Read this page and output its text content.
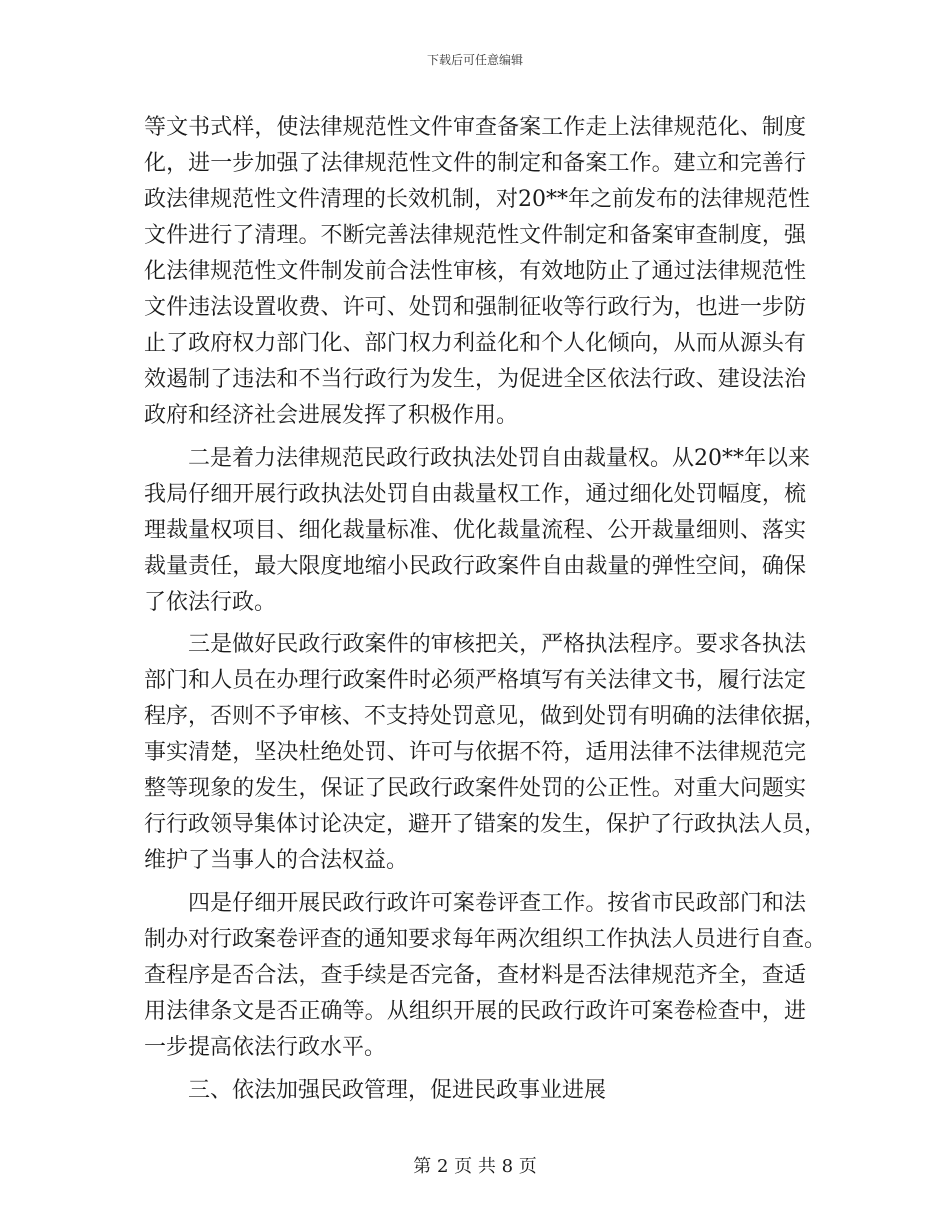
下载后可任意编辑

等文书式样，使法律规范性文件审查备案工作走上法律规范化、制度

化，进一步加强了法律规范性文件的制定和备案工作。建立和完善行

政法律规范性文件清理的长效机制，对20**年之前发布的法律规范性

文件进行了清理。不断完善法律规范性文件制定和备案审查制度，强

化法律规范性文件制发前合法性审核，有效地防止了通过法律规范性

文件违法设置收费、许可、处罚和强制征收等行政行为，也进一步防

止了政府权力部门化、部门权力利益化和个人化倾向，从而从源头有

效遏制了违法和不当行政行为发生，为促进全区依法行政、建设法治

政府和经济社会进展发挥了积极作用。

二是着力法律规范民政行政执法处罚自由裁量权。从20**年以来

我局仔细开展行政执法处罚自由裁量权工作，通过细化处罚幅度，梳

理裁量权项目、细化裁量标准、优化裁量流程、公开裁量细则、落实

裁量责任，最大限度地缩小民政行政案件自由裁量的弹性空间，确保

了依法行政。

三是做好民政行政案件的审核把关，严格执法程序。要求各执法

部门和人员在办理行政案件时必须严格填写有关法律文书，履行法定

程序，否则不予审核、不支持处罚意见，做到处罚有明确的法律依据，

事实清楚，坚决杜绝处罚、许可与依据不符，适用法律不法律规范完

整等现象的发生，保证了民政行政案件处罚的公正性。对重大问题实

行行政领导集体讨论决定，避开了错案的发生，保护了行政执法人员，

维护了当事人的合法权益。

四是仔细开展民政行政许可案卷评查工作。按省市民政部门和法

制办对行政案卷评查的通知要求每年两次组织工作执法人员进行自查。

查程序是否合法，查手续是否完备，查材料是否法律规范齐全，查适

用法律条文是否正确等。从组织开展的民政行政许可案卷检查中，进

一步提高依法行政水平。

三、依法加强民政管理，促进民政事业进展

第 2 页 共 8 页
